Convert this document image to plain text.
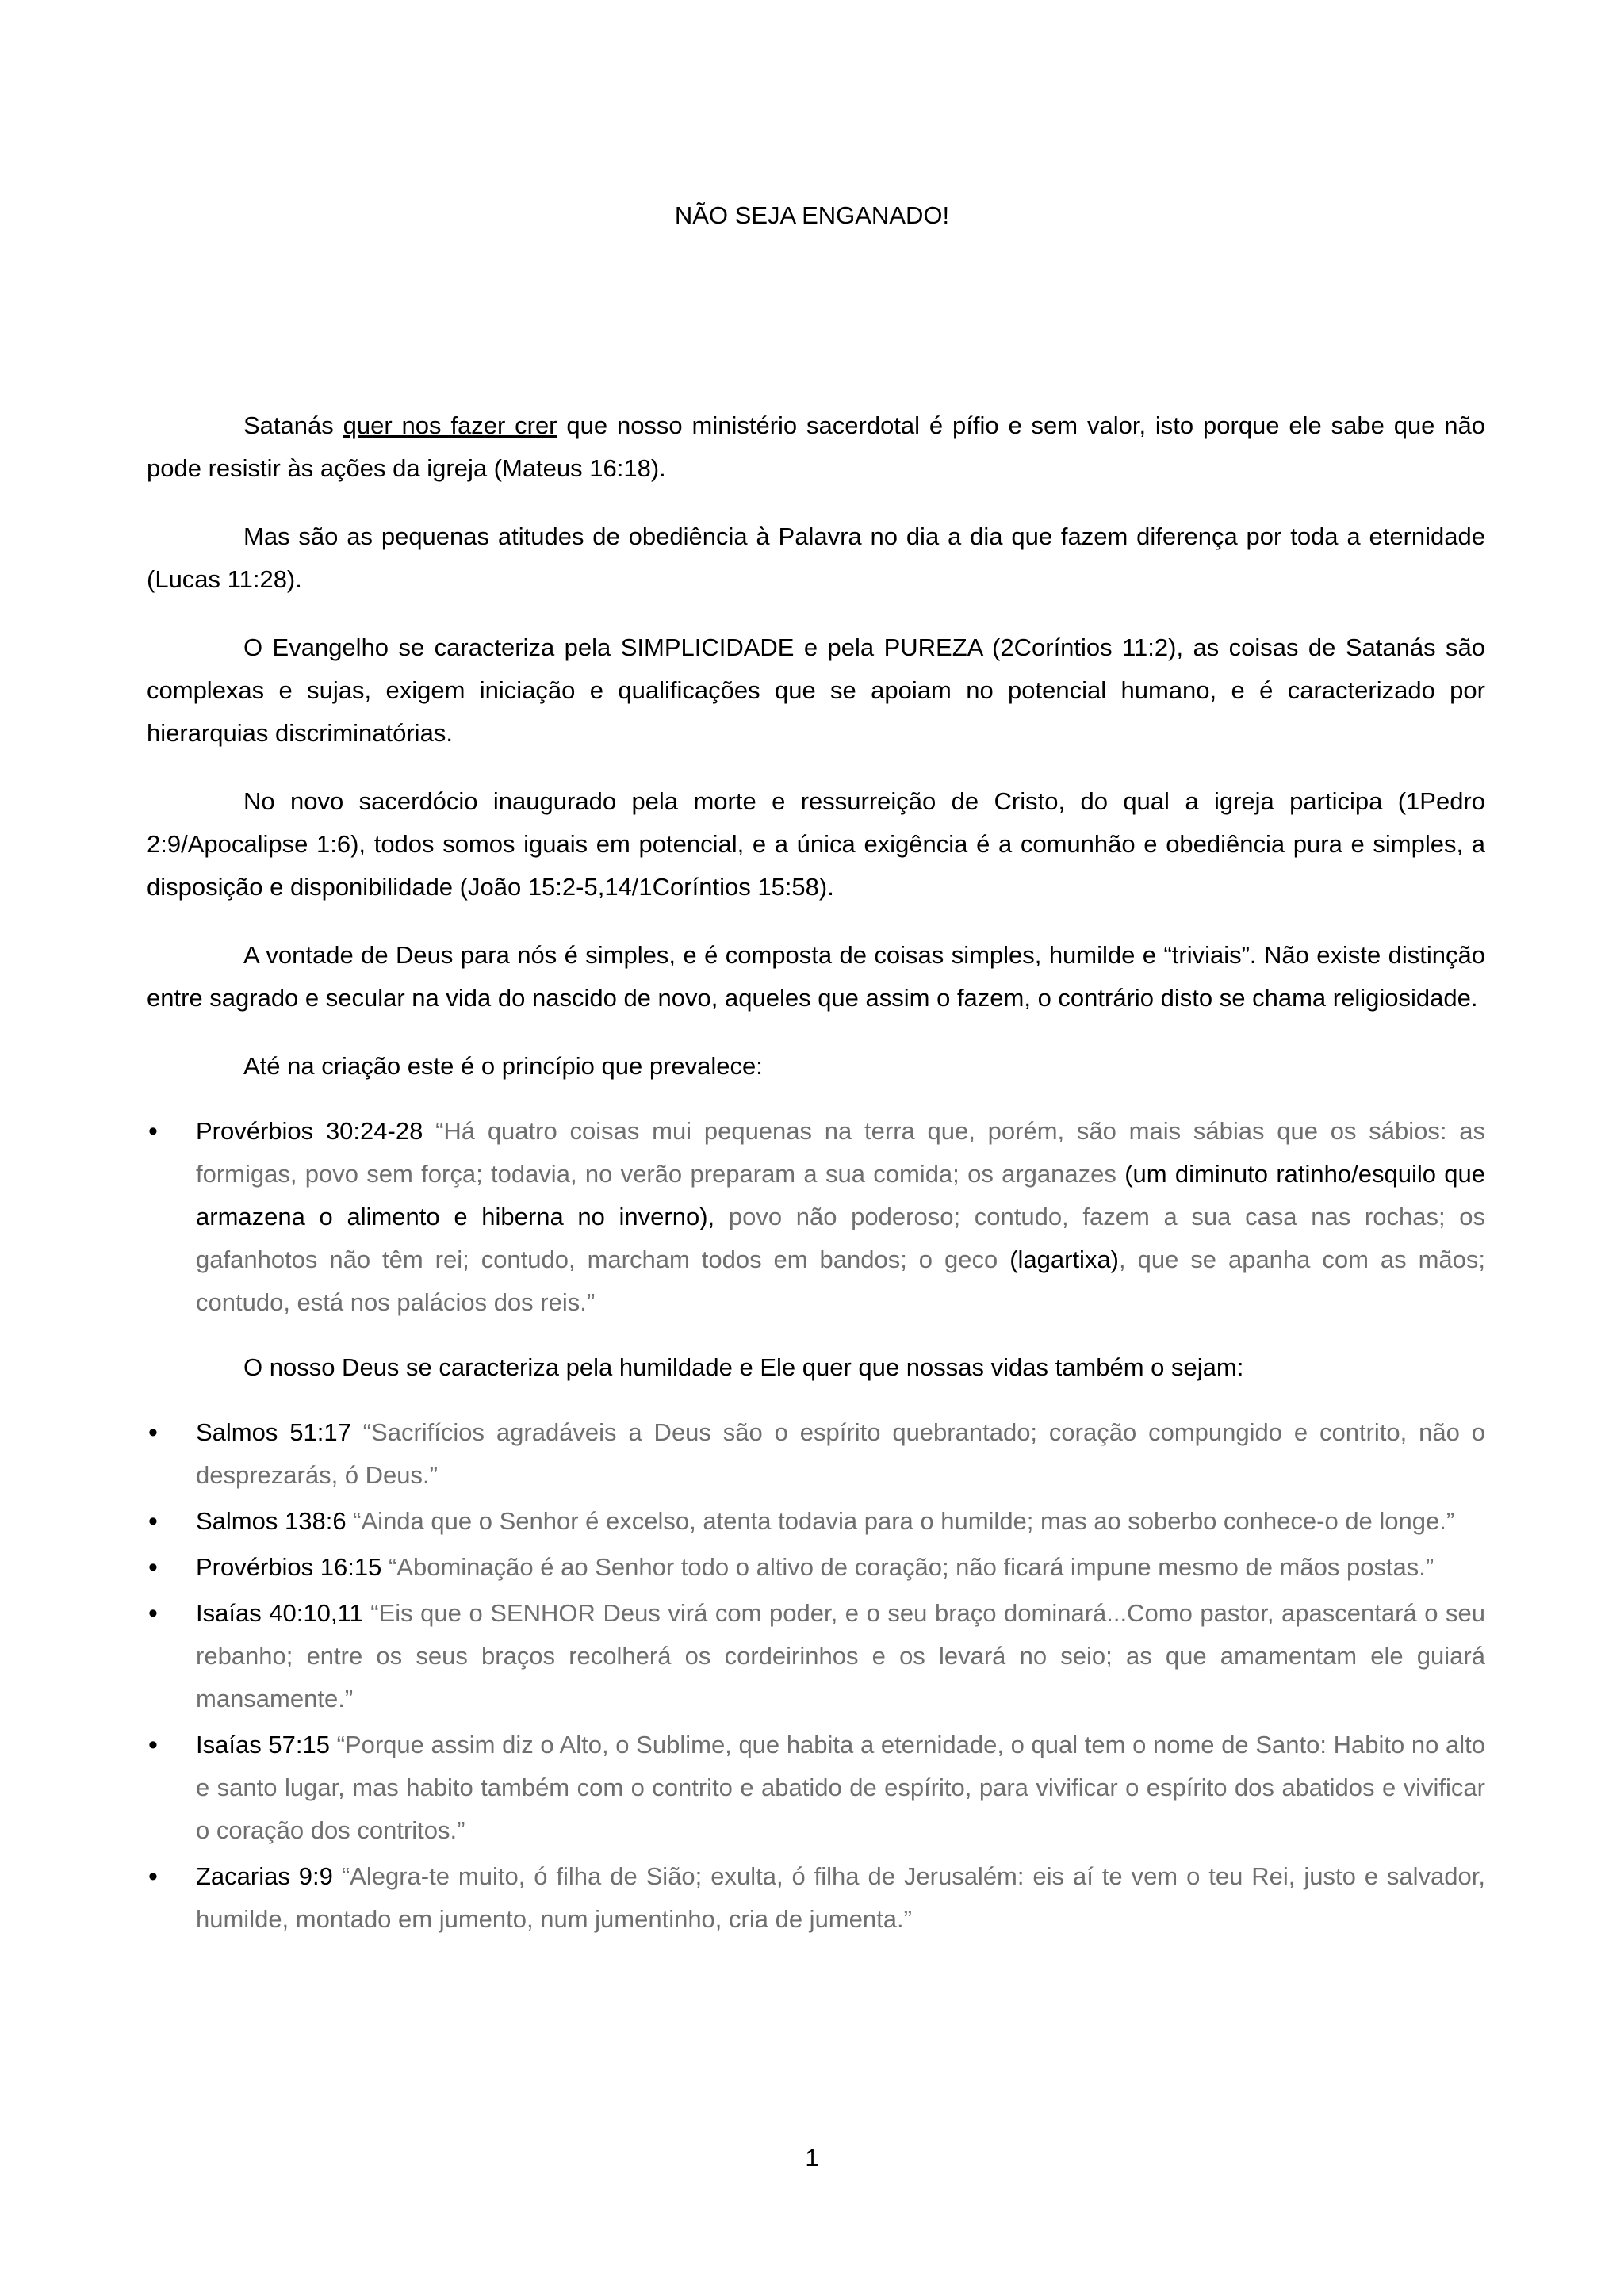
NÃO SEJA ENGANADO!

Satanás quer nos fazer crer que nosso ministério sacerdotal é pífio e sem valor, isto porque ele sabe que não pode resistir às ações da igreja (Mateus 16:18).

Mas são as pequenas atitudes de obediência à Palavra no dia a dia que fazem diferença por toda a eternidade (Lucas 11:28).

O Evangelho se caracteriza pela SIMPLICIDADE e pela PUREZA (2Coríntios 11:2), as coisas de Satanás são complexas e sujas, exigem iniciação e qualificações que se apoiam no potencial humano, e é caracterizado por hierarquias discriminatórias.

No novo sacerdócio inaugurado pela morte e ressurreição de Cristo, do qual a igreja participa (1Pedro 2:9/Apocalipse 1:6), todos somos iguais em potencial, e a única exigência é a comunhão e obediência pura e simples, a disposição e disponibilidade (João 15:2-5,14/1Coríntios 15:58).

A vontade de Deus para nós é simples, e é composta de coisas simples, humilde e “triviais”. Não existe distinção entre sagrado e secular na vida do nascido de novo, aqueles que assim o fazem, o contrário disto se chama religiosidade.

Até na criação este é o princípio que prevalece:

• Provérbios 30:24-28 “Há quatro coisas mui pequenas na terra que, porém, são mais sábias que os sábios: as formigas, povo sem força; todavia, no verão preparam a sua comida; os arganazes (um diminuto ratinho/esquilo que armazena o alimento e hiberna no inverno), povo não poderoso; contudo, fazem a sua casa nas rochas; os gafanhotos não têm rei; contudo, marcham todos em bandos; o geco (lagartixa), que se apanha com as mãos; contudo, está nos palácios dos reis.”

O nosso Deus se caracteriza pela humildade e Ele quer que nossas vidas também o sejam:

• Salmos 51:17 “Sacrifícios agradáveis a Deus são o espírito quebrantado; coração compungido e contrito, não o desprezarás, ó Deus.”
• Salmos 138:6 “Ainda que o Senhor é excelso, atenta todavia para o humilde; mas ao soberbo conhece-o de longe.”
• Provérbios 16:15 “Abominação é ao Senhor todo o altivo de coração; não ficará impune mesmo de mãos postas.”
• Isaías 40:10,11 “Eis que o SENHOR Deus virá com poder, e o seu braço dominará...Como pastor, apascentará o seu rebanho; entre os seus braços recolherá os cordeirinhos e os levará no seio; as que amamentam ele guiará mansamente.”
• Isaías 57:15 “Porque assim diz o Alto, o Sublime, que habita a eternidade, o qual tem o nome de Santo: Habito no alto e santo lugar, mas habito também com o contrito e abatido de espírito, para vivificar o espírito dos abatidos e vivificar o coração dos contritos.”
• Zacarias 9:9 “Alegra-te muito, ó filha de Sião; exulta, ó filha de Jerusalém: eis aí te vem o teu Rei, justo e salvador, humilde, montado em jumento, num jumentinho, cria de jumenta.”
1
